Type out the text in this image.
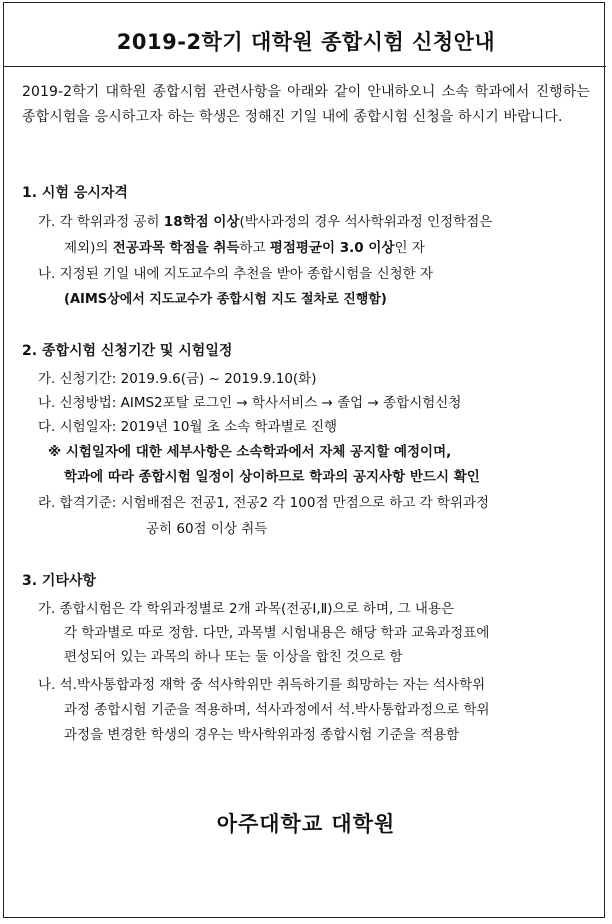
2019-2학기 대학원 종합시험 신청안내
2019-2학기 대학원 종합시험 관련사항을 아래와 같이 안내하오니 소속 학과에서 진행하는 종합시험을 응시하고자 하는 학생은 정해진 기일 내에 종합시험 신청을 하시기 바랍니다.
1. 시험 응시자격
가. 각 학위과정 공히 18학점 이상(박사과정의 경우 석사학위과정 인정학점은
제외)의 전공과목 학점을 취득하고 평점평균이 3.0 이상인 자
나. 지정된 기일 내에 지도교수의 추천을 받아 종합시험을 신청한 자
(AIMS상에서 지도교수가 종합시험 지도 절차로 진행함)
2. 종합시험 신청기간 및 시험일정
가. 신청기간: 2019.9.6(금) ~ 2019.9.10(화)
나. 신청방법: AIMS2포탈 로그인 → 학사서비스 → 졸업 → 종합시험신청
다. 시험일자: 2019년 10월 초 소속 학과별로 진행
※ 시험일자에 대한 세부사항은 소속학과에서 자체 공지할 예정이며,
학과에 따라 종합시험 일정이 상이하므로 학과의 공지사항 반드시 확인
라. 합격기준: 시험배점은 전공1, 전공2 각 100점 만점으로 하고 각 학위과정
공히 60점 이상 취득
3. 기타사항
가. 종합시험은 각 학위과정별로 2개 과목(전공Ⅰ,Ⅱ)으로 하며, 그 내용은
각 학과별로 따로 정함. 다만, 과목별 시험내용은 해당 학과 교육과정표에
편성되어 있는 과목의 하나 또는 둘 이상을 합친 것으로 함
나. 석.박사통합과정 재학 중 석사학위만 취득하기를 희망하는 자는 석사학위
과정 종합시험 기준을 적용하며, 석사과정에서 석.박사통합과정으로 학위
과정을 변경한 학생의 경우는 박사학위과정 종합시험 기준을 적용함
아주대학교 대학원
